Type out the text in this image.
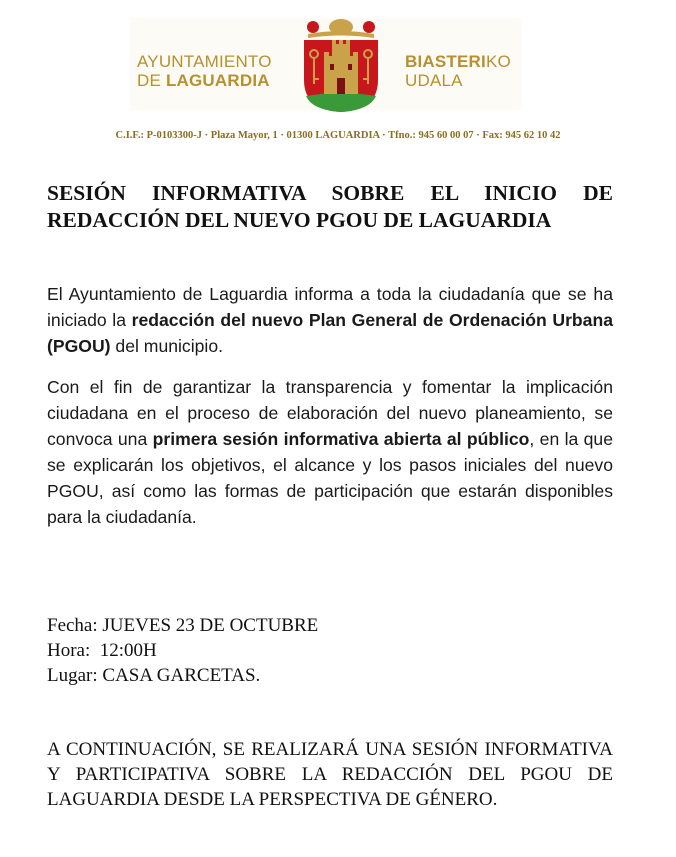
AYUNTAMIENTO
DE LAGUARDIA
BIASTERIKO
UDALA
C.I.F.: P-0103300-J · Plaza Mayor, 1 · 01300 LAGUARDIA · Tfno.: 945 60 00 07 · Fax: 945 62 10 42
SESIÓN INFORMATIVA SOBRE EL INICIO DE REDACCIÓN DEL NUEVO PGOU DE LAGUARDIA

El Ayuntamiento de Laguardia informa a toda la ciudadanía que se ha iniciado la redacción del nuevo Plan General de Ordenación Urbana (PGOU) del municipio.

Con el fin de garantizar la transparencia y fomentar la implicación ciudadana en el proceso de elaboración del nuevo planeamiento, se convoca una primera sesión informativa abierta al público, en la que se explicarán los objetivos, el alcance y los pasos iniciales del nuevo PGOU, así como las formas de participación que estarán disponibles para la ciudadanía.

Fecha: JUEVES 23 DE OCTUBRE
Hora:  12:00H
Lugar: CASA GARCETAS.

A CONTINUACIÓN, SE REALIZARÁ UNA SESIÓN INFORMATIVA Y PARTICIPATIVA SOBRE LA REDACCIÓN DEL PGOU DE LAGUARDIA DESDE LA PERSPECTIVA DE GÉNERO.
